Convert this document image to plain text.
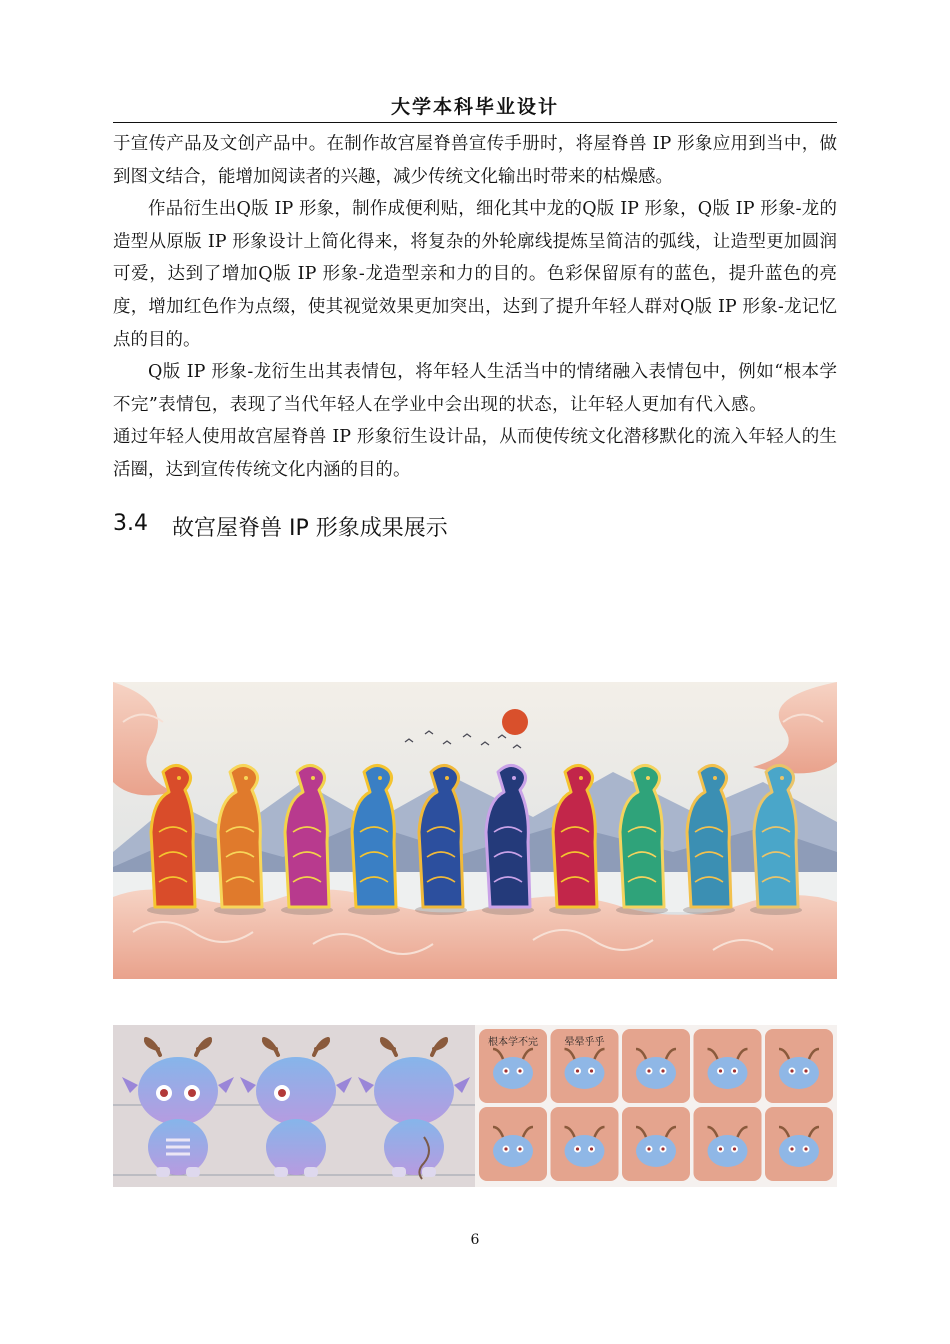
大学本科毕业设计

于宣传产品及文创产品中。在制作故宫屋脊兽宣传手册时，将屋脊兽 IP 形象应用到当中，做到图文结合，能增加阅读者的兴趣，减少传统文化输出时带来的枯燥感。

作品衍生出Q版 IP 形象，制作成便利贴，细化其中龙的Q版 IP 形象，Q版 IP 形象-龙的造型从原版 IP 形象设计上简化得来，将复杂的外轮廓线提炼呈简洁的弧线，让造型更加圆润可爱，达到了增加Q版 IP 形象-龙造型亲和力的目的。色彩保留原有的蓝色，提升蓝色的亮度，增加红色作为点缀，使其视觉效果更加突出，达到了提升年轻人群对Q版 IP 形象-龙记忆点的目的。

Q版 IP 形象-龙衍生出其表情包，将年轻人生活当中的情绪融入表情包中，例如“根本学不完”表情包，表现了当代年轻人在学业中会出现的状态，让年轻人更加有代入感。通过年轻人使用故宫屋脊兽 IP 形象衍生设计品，从而使传统文化潜移默化的流入年轻人的生活圈，达到宣传传统文化内涵的目的。

3.4 故宫屋脊兽 IP 形象成果展示
根本学不完	晕晕乎乎
6
